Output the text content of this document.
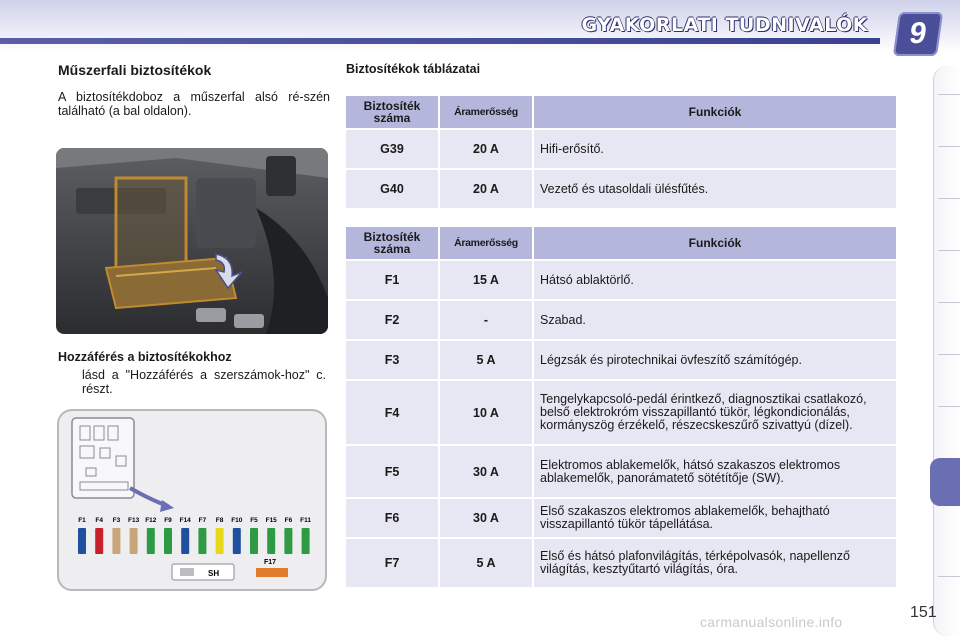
GYAKORLATI TUDNIVALÓK	9
Műszerfali biztosítékok
A biztosítékdoboz a műszerfal alsó ré-szén található (a bal oldalon).
Hozzáférés a biztosítékokhoz
lásd a "Hozzáférés a szerszámok-hoz" c. részt.
F1 F4 F3 F13 F12 F9 F14 F7 F8 F10 F5 F15 F6 F11
SH
F17
Biztosítékok táblázatai
Biztosíték száma	Áramerősség	Funkciók
G39	20 A	Hifi-erősítő.
G40	20 A	Vezető és utasoldali ülésfűtés.
Biztosíték száma	Áramerősség	Funkciók
F1	15 A	Hátsó ablaktörlő.
F2	-	Szabad.
F3	5 A	Légzsák és pirotechnikai övfeszítő számítógép.
F4	10 A	Tengelykapcsoló-pedál érintkező, diagnosztikai csatlakozó, belső elektrokróm visszapillantó tükör, légkondicionálás, kormányszög érzékelő, részecskeszűrő szivattyú (dízel).
F5	30 A	Elektromos ablakemelők, hátsó szakaszos elektromos ablakemelők, panorámatető sötétítője (SW).
F6	30 A	Első szakaszos elektromos ablakemelők, behajtható visszapillantó tükör tápellátása.
F7	5 A	Első és hátsó plafonvilágítás, térképolvasók, napellenző világítás, kesztyűtartó világítás, óra.
151
carmanualsonline.info
